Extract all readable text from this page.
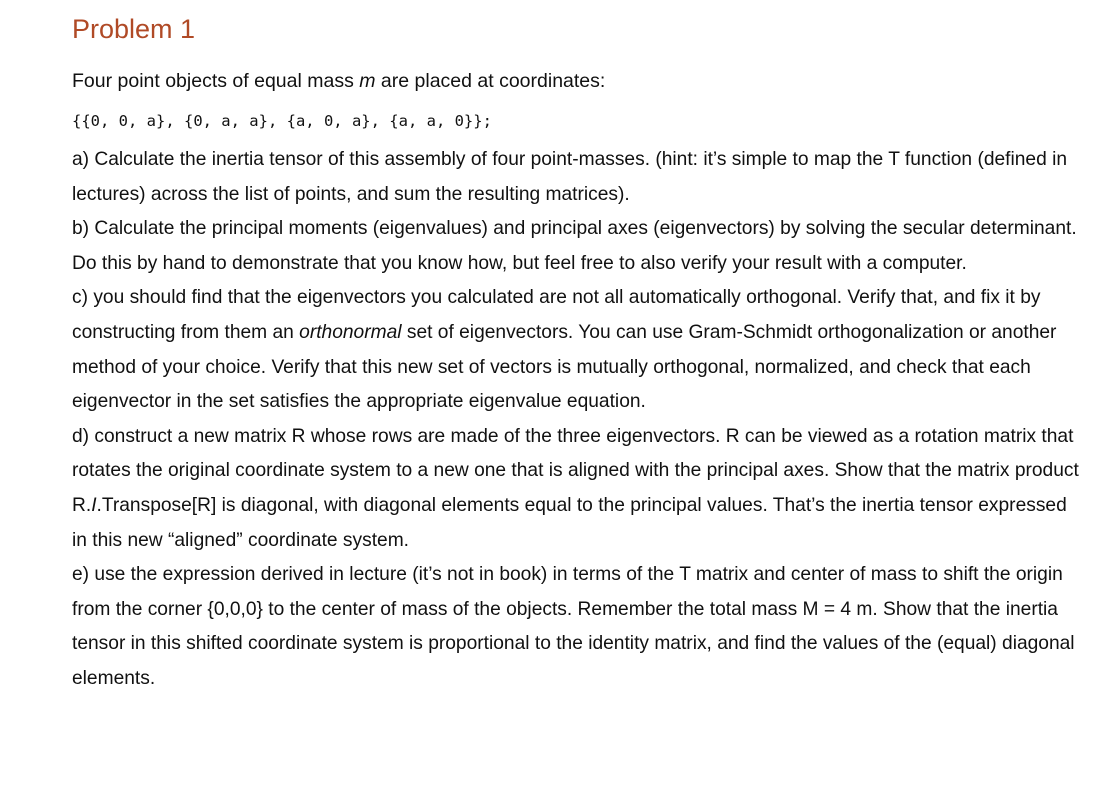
Problem 1

Four point objects of equal mass m are placed at coordinates:

{{0, 0, a}, {0, a, a}, {a, 0, a}, {a, a, 0}};

a) Calculate the inertia tensor of this assembly of four point-masses. (hint: it’s simple to map the T function (defined in lectures) across the list of points, and sum the resulting matrices).

b) Calculate the principal moments (eigenvalues) and principal axes (eigenvectors) by solving the secular determinant. Do this by hand to demonstrate that you know how, but feel free to also verify your result with a computer.

c) you should find that the eigenvectors you calculated are not all automatically orthogonal. Verify that, and fix it by constructing from them an orthonormal set of eigenvectors. You can use Gram-Schmidt orthogonalization or another method of your choice. Verify that this new set of vectors is mutually orthogonal, normalized, and check that each eigenvector in the set satisfies the appropriate eigenvalue equation.

d) construct a new matrix R whose rows are made of the three eigenvectors. R can be viewed as a rotation matrix that rotates the original coordinate system to a new one that is aligned with the principal axes. Show that the matrix product R.I.Transpose[R] is diagonal, with diagonal elements equal to the principal values. That’s the inertia tensor expressed in this new “aligned” coordinate system.

e) use the expression derived in lecture (it’s not in book) in terms of the T matrix and center of mass to shift the origin from the corner {0,0,0} to the center of mass of the objects. Remember the total mass M = 4 m. Show that the inertia tensor in this shifted coordinate system is proportional to the identity matrix, and find the values of the (equal) diagonal elements.
